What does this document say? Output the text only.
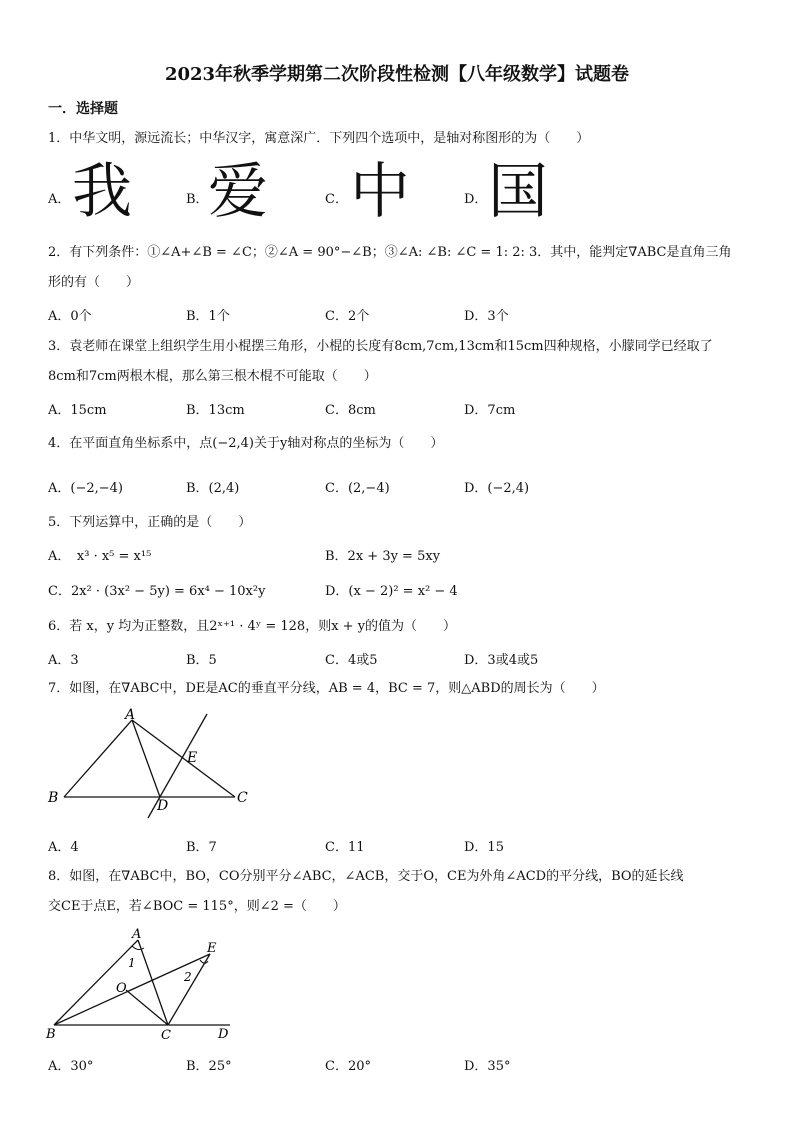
2023年秋季学期第二次阶段性检测【八年级数学】试题卷
一．选择题
1．中华文明，源远流长；中华汉字，寓意深广．下列四个选项中，是轴对称图形的为（　　）
A． 我	B． 爱	C． 中	D． 国
2．有下列条件：①∠A+∠B = ∠C；②∠A = 90°−∠B；③∠A: ∠B: ∠C = 1: 2: 3．其中，能判定∇ABC是直角三角
形的有（　　）
A．0个	B．1个	C．2个	D．3个
3．袁老师在课堂上组织学生用小棍摆三角形，小棍的长度有8cm,7cm,13cm和15cm四种规格，小朦同学已经取了
8cm和7cm两根木棍，那么第三根木棍不可能取（　　）
A．15cm	B．13cm	C．8cm	D．7cm
4．在平面直角坐标系中，点(−2,4)关于y轴对称点的坐标为（　　）
A．(−2,−4)	B．(2,4)	C．(2,−4)	D．(−2,4)
5．下列运算中，正确的是（　　）
A．　x³ · x⁵ = x¹⁵	B．2x + 3y = 5xy
C．2x² · (3x² − 5y) = 6x⁴ − 10x²y	D．(x − 2)² = x² − 4
6．若 x，y 均为正整数，且2ˣ⁺¹ · 4ʸ = 128，则x + y的值为（　　）
A．3	B．5	C．4或5	D．3或4或5
7．如图，在∇ABC中，DE是AC的垂直平分线，AB = 4，BC = 7，则△ABD的周长为（　　）
A
B	C
D
E
A．4	B．7	C．11	D．15
8．如图，在∇ABC中，BO，CO分别平分∠ABC，∠ACB，交于O，CE为外角∠ACD的平分线，BO的延长线
交CE于点E，若∠BOC = 115°，则∠2 =（　　）
A
B	C	D
E
O
1
2
A．30°	B．25°	C．20°	D．35°
